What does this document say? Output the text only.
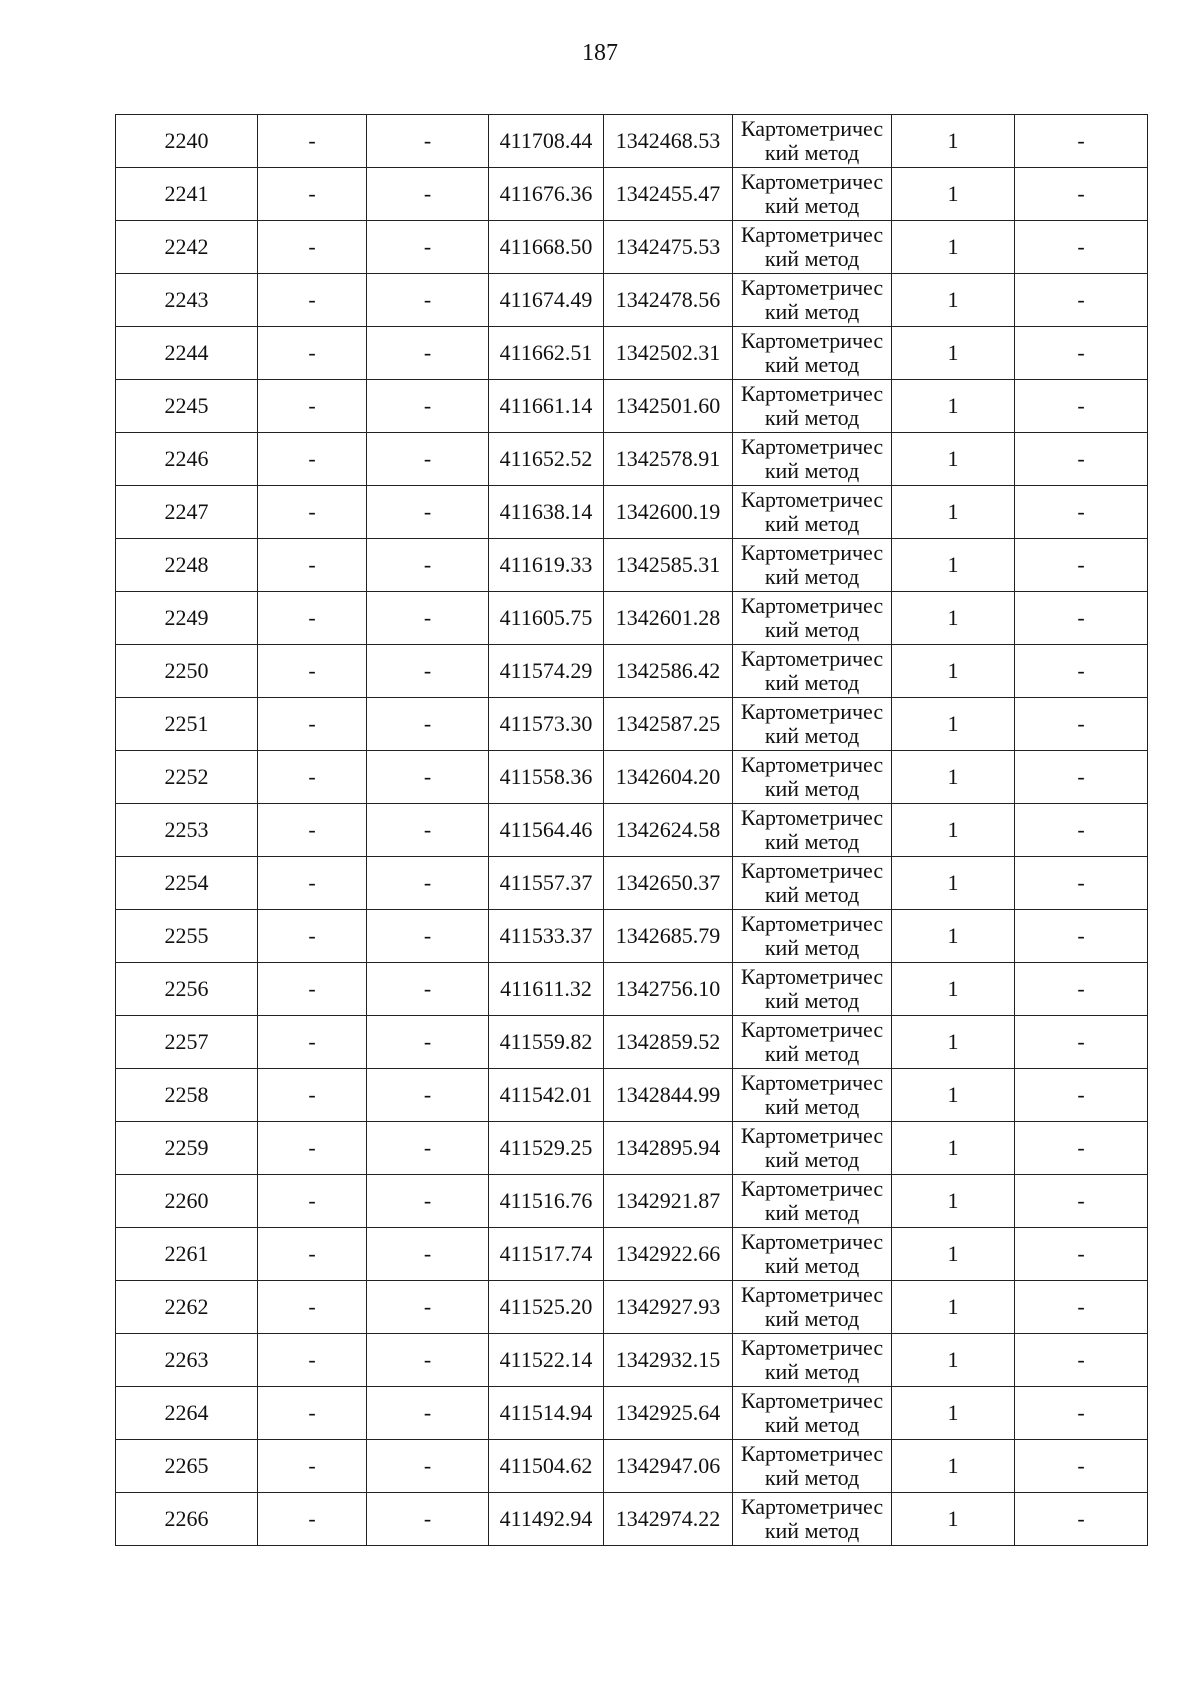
187
2240	-	-	411708.44	1342468.53	Картометричес
кий метод	1	-
2241	-	-	411676.36	1342455.47	Картометричес
кий метод	1	-
2242	-	-	411668.50	1342475.53	Картометричес
кий метод	1	-
2243	-	-	411674.49	1342478.56	Картометричес
кий метод	1	-
2244	-	-	411662.51	1342502.31	Картометричес
кий метод	1	-
2245	-	-	411661.14	1342501.60	Картометричес
кий метод	1	-
2246	-	-	411652.52	1342578.91	Картометричес
кий метод	1	-
2247	-	-	411638.14	1342600.19	Картометричес
кий метод	1	-
2248	-	-	411619.33	1342585.31	Картометричес
кий метод	1	-
2249	-	-	411605.75	1342601.28	Картометричес
кий метод	1	-
2250	-	-	411574.29	1342586.42	Картометричес
кий метод	1	-
2251	-	-	411573.30	1342587.25	Картометричес
кий метод	1	-
2252	-	-	411558.36	1342604.20	Картометричес
кий метод	1	-
2253	-	-	411564.46	1342624.58	Картометричес
кий метод	1	-
2254	-	-	411557.37	1342650.37	Картометричес
кий метод	1	-
2255	-	-	411533.37	1342685.79	Картометричес
кий метод	1	-
2256	-	-	411611.32	1342756.10	Картометричес
кий метод	1	-
2257	-	-	411559.82	1342859.52	Картометричес
кий метод	1	-
2258	-	-	411542.01	1342844.99	Картометричес
кий метод	1	-
2259	-	-	411529.25	1342895.94	Картометричес
кий метод	1	-
2260	-	-	411516.76	1342921.87	Картометричес
кий метод	1	-
2261	-	-	411517.74	1342922.66	Картометричес
кий метод	1	-
2262	-	-	411525.20	1342927.93	Картометричес
кий метод	1	-
2263	-	-	411522.14	1342932.15	Картометричес
кий метод	1	-
2264	-	-	411514.94	1342925.64	Картометричес
кий метод	1	-
2265	-	-	411504.62	1342947.06	Картометричес
кий метод	1	-
2266	-	-	411492.94	1342974.22	Картометричес
кий метод	1	-
